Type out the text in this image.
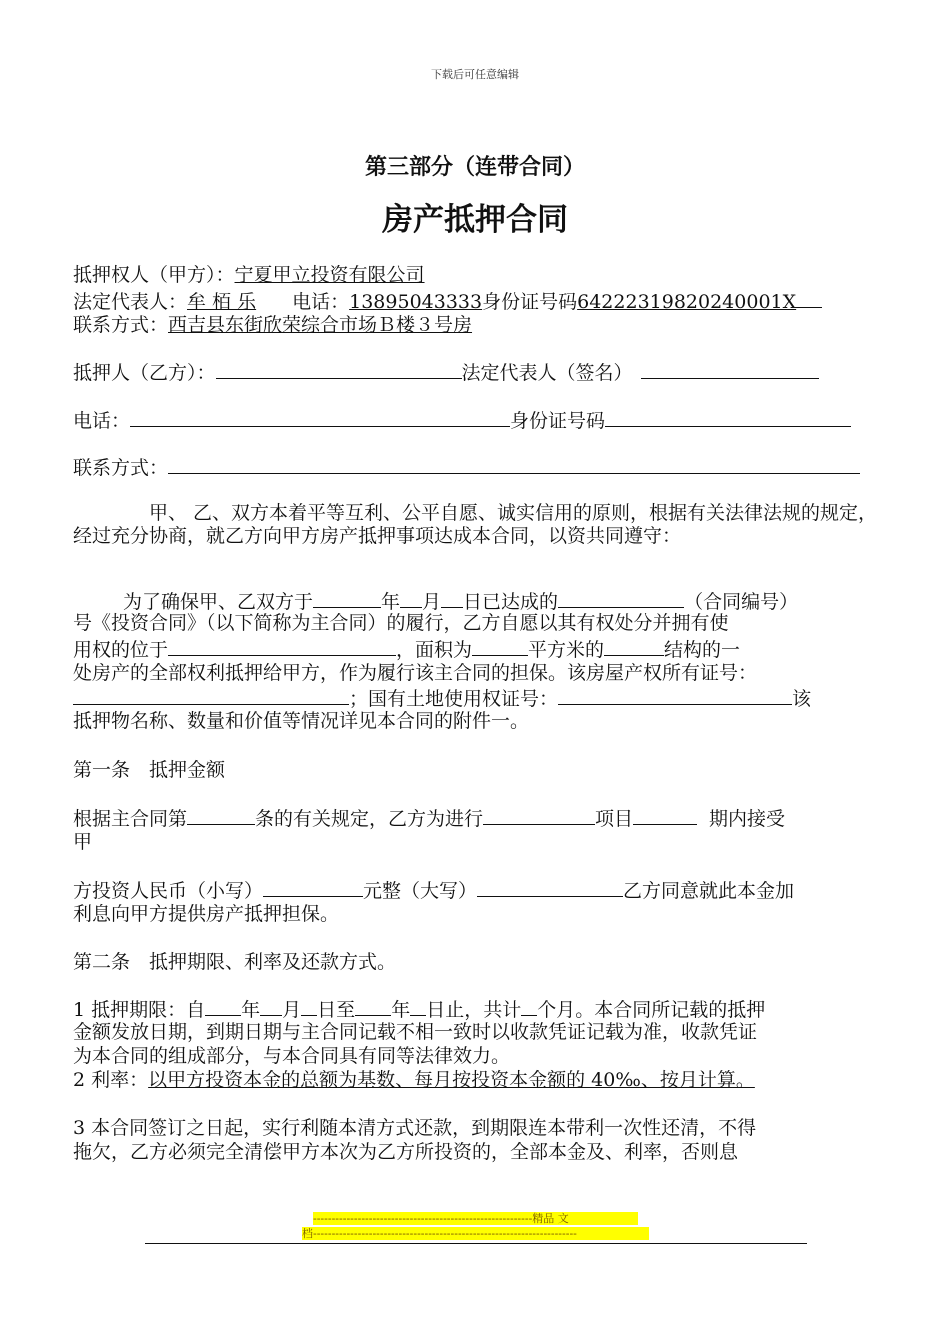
下载后可任意编辑
第三部分（连带合同）
房产抵押合同
抵押权人（甲方）：宁夏甲立投资有限公司
法定代表人：牟 栢 乐 电话：13895043333身份证号码64222319820240001X
联系方式：西吉县东街欣荣综合市场Ｂ楼３号房
抵押人（乙方）：	法定代表人（签名）
电话：	身份证号码
联系方式：
甲、 乙、双方本着平等互利、公平自愿、诚实信用的原则，根据有关法律法规的规定，经过充分协商，就乙方向甲方房产抵押事项达成本合同，以资共同遵守：
为了确保甲、乙双方于	年 月 日已达成的	（合同编号）
号《投资合同》（以下简称为主合同）的履行，乙方自愿以其有权处分并拥有使
用权的位于	，面积为	平方米的	结构的一
处房产的全部权利抵押给甲方，作为履行该主合同的担保。该房屋产权所有证号：
；国有土地使用权证号：	该
抵押物名称、数量和价值等情况详见本合同的附件一。
第一条　抵押金额
根据主合同第	条的有关规定，乙方为进行	项目	期内接受
甲
方投资人民币（小写）	元整（大写）	乙方同意就此本金加
利息向甲方提供房产抵押担保。
第二条　抵押期限、利率及还款方式。
1 抵押期限：自 年 月 日至 年 日止，共计 个月。本合同所记载的抵押
金额发放日期，到期日期与主合同记载不相一致时以收款凭证记载为准，收款凭证
为本合同的组成部分，与本合同具有同等法律效力。
2 利率：以甲方投资本金的总额为基数、每月按投资本金额的 40‰、按月计算。
3 本合同签订之日起，实行利随本清方式还款，到期限连本带利一次性还清，不得
拖欠，乙方必须完全清偿甲方本次为乙方所投资的，全部本金及、利率，否则息
-----------------------------------------------------------精品 文
档-----------------------------------------------------------------------
